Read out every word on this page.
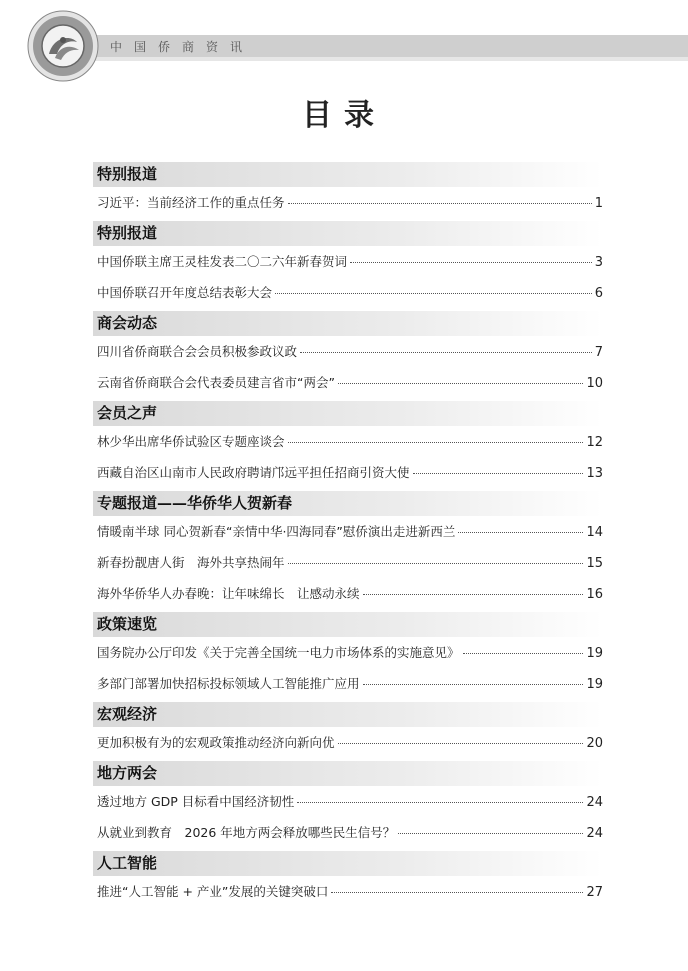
中国侨商资讯
目录
特别报道
习近平：当前经济工作的重点任务	1
特别报道
中国侨联主席王灵桂发表二〇二六年新春贺词	3
中国侨联召开年度总结表彰大会	6
商会动态
四川省侨商联合会会员积极参政议政	7
云南省侨商联合会代表委员建言省市“两会”	10
会员之声
林少华出席华侨试验区专题座谈会	12
西藏自治区山南市人民政府聘请邝远平担任招商引资大使	13
专题报道——华侨华人贺新春
情暖南半球 同心贺新春“亲情中华·四海同春”慰侨演出走进新西兰	14
新春扮靓唐人街　海外共享热闹年	15
海外华侨华人办春晚：让年味绵长　让感动永续	16
政策速览
国务院办公厅印发《关于完善全国统一电力市场体系的实施意见》	19
多部门部署加快招标投标领域人工智能推广应用	19
宏观经济
更加积极有为的宏观政策推动经济向新向优	20
地方两会
透过地方 GDP 目标看中国经济韧性	24
从就业到教育　2026 年地方两会释放哪些民生信号？	24
人工智能
推进“人工智能 + 产业”发展的关键突破口	27
